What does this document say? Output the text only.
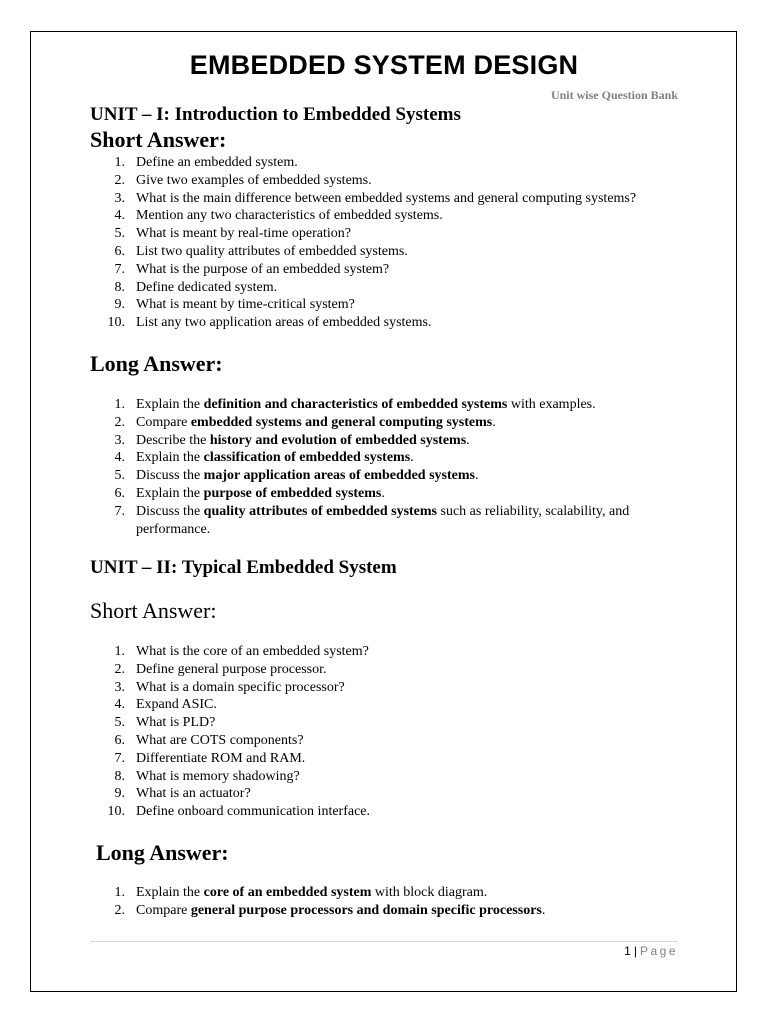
EMBEDDED SYSTEM DESIGN
Unit wise Question Bank
UNIT – I: Introduction to Embedded Systems
Short Answer:
1. Define an embedded system.
2. Give two examples of embedded systems.
3. What is the main difference between embedded systems and general computing systems?
4. Mention any two characteristics of embedded systems.
5. What is meant by real-time operation?
6. List two quality attributes of embedded systems.
7. What is the purpose of an embedded system?
8. Define dedicated system.
9. What is meant by time-critical system?
10. List any two application areas of embedded systems.
Long Answer:
1. Explain the definition and characteristics of embedded systems with examples.
2. Compare embedded systems and general computing systems.
3. Describe the history and evolution of embedded systems.
4. Explain the classification of embedded systems.
5. Discuss the major application areas of embedded systems.
6. Explain the purpose of embedded systems.
7. Discuss the quality attributes of embedded systems such as reliability, scalability, and performance.
UNIT – II: Typical Embedded System
Short Answer:
1. What is the core of an embedded system?
2. Define general purpose processor.
3. What is a domain specific processor?
4. Expand ASIC.
5. What is PLD?
6. What are COTS components?
7. Differentiate ROM and RAM.
8. What is memory shadowing?
9. What is an actuator?
10. Define onboard communication interface.
Long Answer:
1. Explain the core of an embedded system with block diagram.
2. Compare general purpose processors and domain specific processors.
1 | Page
